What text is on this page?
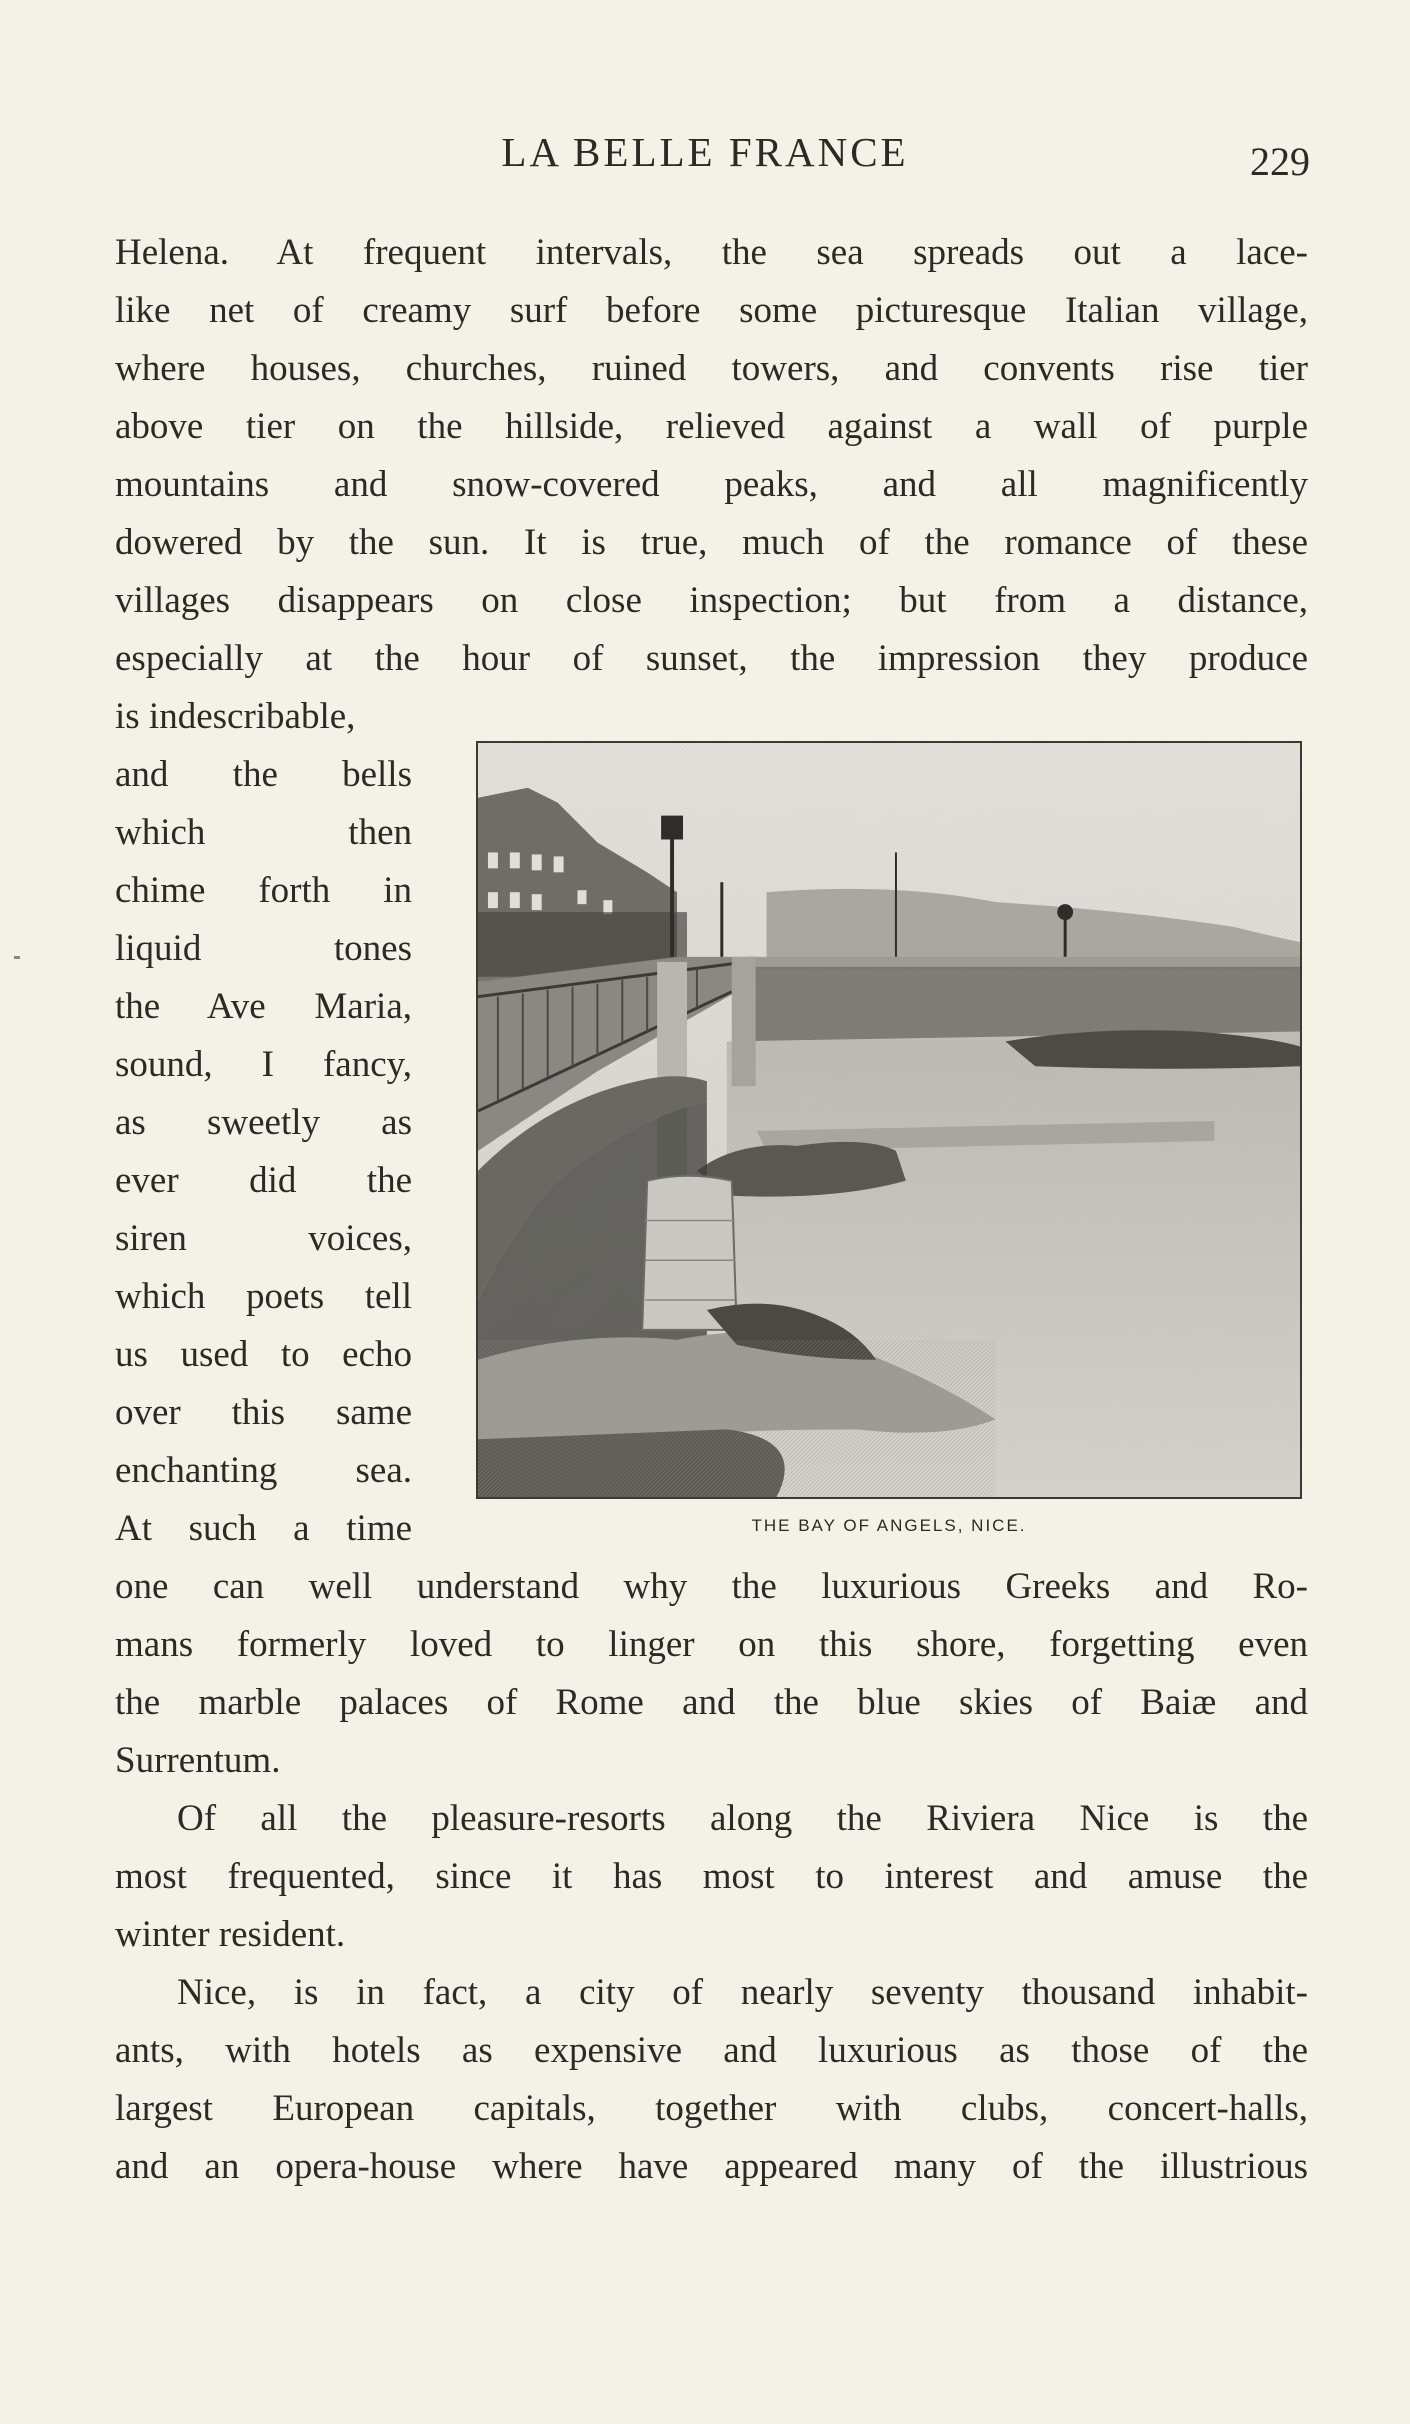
LA BELLE FRANCE	229
Helena. At frequent intervals, the sea spreads out a lace-
like net of creamy surf before some picturesque Italian village,
where houses, churches, ruined towers, and convents rise tier
above tier on the hillside, relieved against a wall of purple
mountains and snow-covered peaks, and all magnificently
dowered by the sun. It is true, much of the romance of these
villages disappears on close inspection; but from a distance,
especially at the hour of sunset, the impression they produce
is indescribable,
and the bells
which then
chime forth in
liquid tones
the Ave Maria,
sound, I fancy,
as sweetly as
ever did the
siren voices,
which poets tell
us used to echo
over this same
enchanting sea.
At such a time	THE BAY OF ANGELS, NICE.
one can well understand why the luxurious Greeks and Ro-
mans formerly loved to linger on this shore, forgetting even
the marble palaces of Rome and the blue skies of Baiæ and
Surrentum.
Of all the pleasure-resorts along the Riviera Nice is the
most frequented, since it has most to interest and amuse the
winter resident.
Nice, is in fact, a city of nearly seventy thousand inhabit-
ants, with hotels as expensive and luxurious as those of the
largest European capitals, together with clubs, concert-halls,
and an opera-house where have appeared many of the illustrious
